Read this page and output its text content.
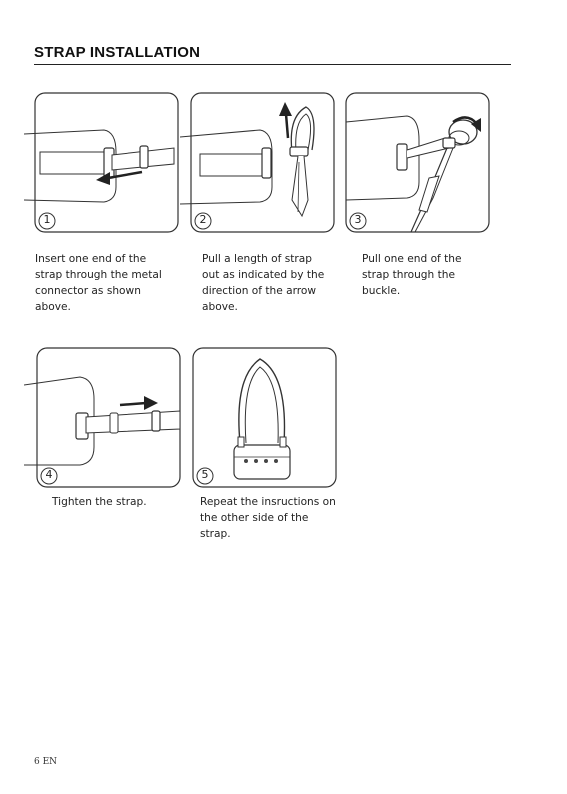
STRAP INSTALLATION
1	2	3
Insert one end of the strap through the metal connector as shown above.
Pull a length of strap out as indicated by the direction of the arrow above.
Pull one end of the strap through the buckle.
4	5
Tighten the strap.	Repeat the insructions on the other side of the strap.
6 EN
